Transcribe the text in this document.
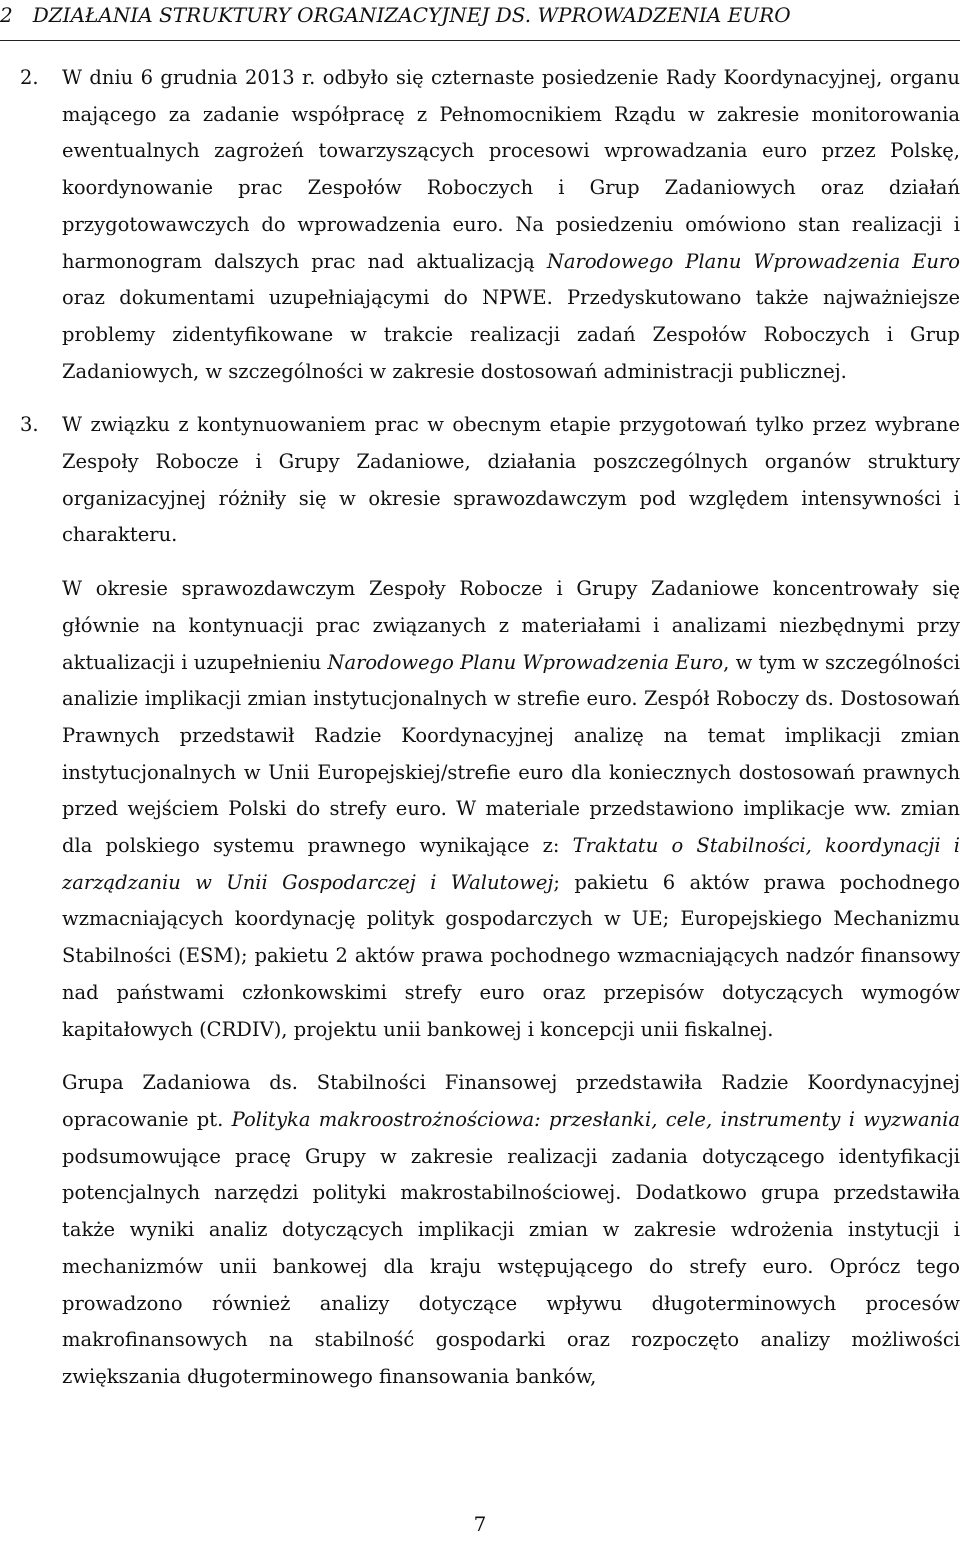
2 DZIAŁANIA STRUKTURY ORGANIZACYJNEJ DS. WPROWADZENIA EURO
2.	W dniu 6 grudnia 2013 r. odbyło się czternaste posiedzenie Rady Koordynacyjnej, organu mającego za zadanie współpracę z Pełnomocnikiem Rządu w zakresie monitorowania ewentualnych zagrożeń towarzyszących procesowi wprowadzania euro przez Polskę, koordynowanie prac Zespołów Roboczych i Grup Zadaniowych oraz działań przygotowawczych do wprowadzenia euro. Na posiedzeniu omówiono stan realizacji i harmonogram dalszych prac nad aktualizacją Narodowego Planu Wprowadzenia Euro oraz dokumentami uzupełniającymi do NPWE. Przedyskutowano także najważniejsze problemy zidentyfikowane w trakcie realizacji zadań Zespołów Roboczych i Grup Zadaniowych, w szczególności w zakresie dostosowań administracji publicznej.
3.	W związku z kontynuowaniem prac w obecnym etapie przygotowań tylko przez wybrane Zespoły Robocze i Grupy Zadaniowe, działania poszczególnych organów struktury organizacyjnej różniły się w okresie sprawozdawczym pod względem intensywności i charakteru.
W okresie sprawozdawczym Zespoły Robocze i Grupy Zadaniowe koncentrowały się głównie na kontynuacji prac związanych z materiałami i analizami niezbędnymi przy aktualizacji i uzupełnieniu Narodowego Planu Wprowadzenia Euro, w tym w szczególności analizie implikacji zmian instytucjonalnych w strefie euro. Zespół Roboczy ds. Dostosowań Prawnych przedstawił Radzie Koordynacyjnej analizę na temat implikacji zmian instytucjonalnych w Unii Europejskiej/strefie euro dla koniecznych dostosowań prawnych przed wejściem Polski do strefy euro. W materiale przedstawiono implikacje ww. zmian dla polskiego systemu prawnego wynikające z: Traktatu o Stabilności, koordynacji i zarządzaniu w Unii Gospodarczej i Walutowej; pakietu 6 aktów prawa pochodnego wzmacniających koordynację polityk gospodarczych w UE; Europejskiego Mechanizmu Stabilności (ESM); pakietu 2 aktów prawa pochodnego wzmacniających nadzór finansowy nad państwami członkowskimi strefy euro oraz przepisów dotyczących wymogów kapitałowych (CRDIV), projektu unii bankowej i koncepcji unii fiskalnej.
Grupa Zadaniowa ds. Stabilności Finansowej przedstawiła Radzie Koordynacyjnej opracowanie pt. Polityka makroostrożnościowa: przesłanki, cele, instrumenty i wyzwania podsumowujące pracę Grupy w zakresie realizacji zadania dotyczącego identyfikacji potencjalnych narzędzi polityki makrostabilnościowej. Dodatkowo grupa przedstawiła także wyniki analiz dotyczących implikacji zmian w zakresie wdrożenia instytucji i mechanizmów unii bankowej dla kraju wstępującego do strefy euro. Oprócz tego prowadzono również analizy dotyczące wpływu długoterminowych procesów makrofinansowych na stabilność gospodarki oraz rozpoczęto analizy możliwości zwiększania długoterminowego finansowania banków,
7
